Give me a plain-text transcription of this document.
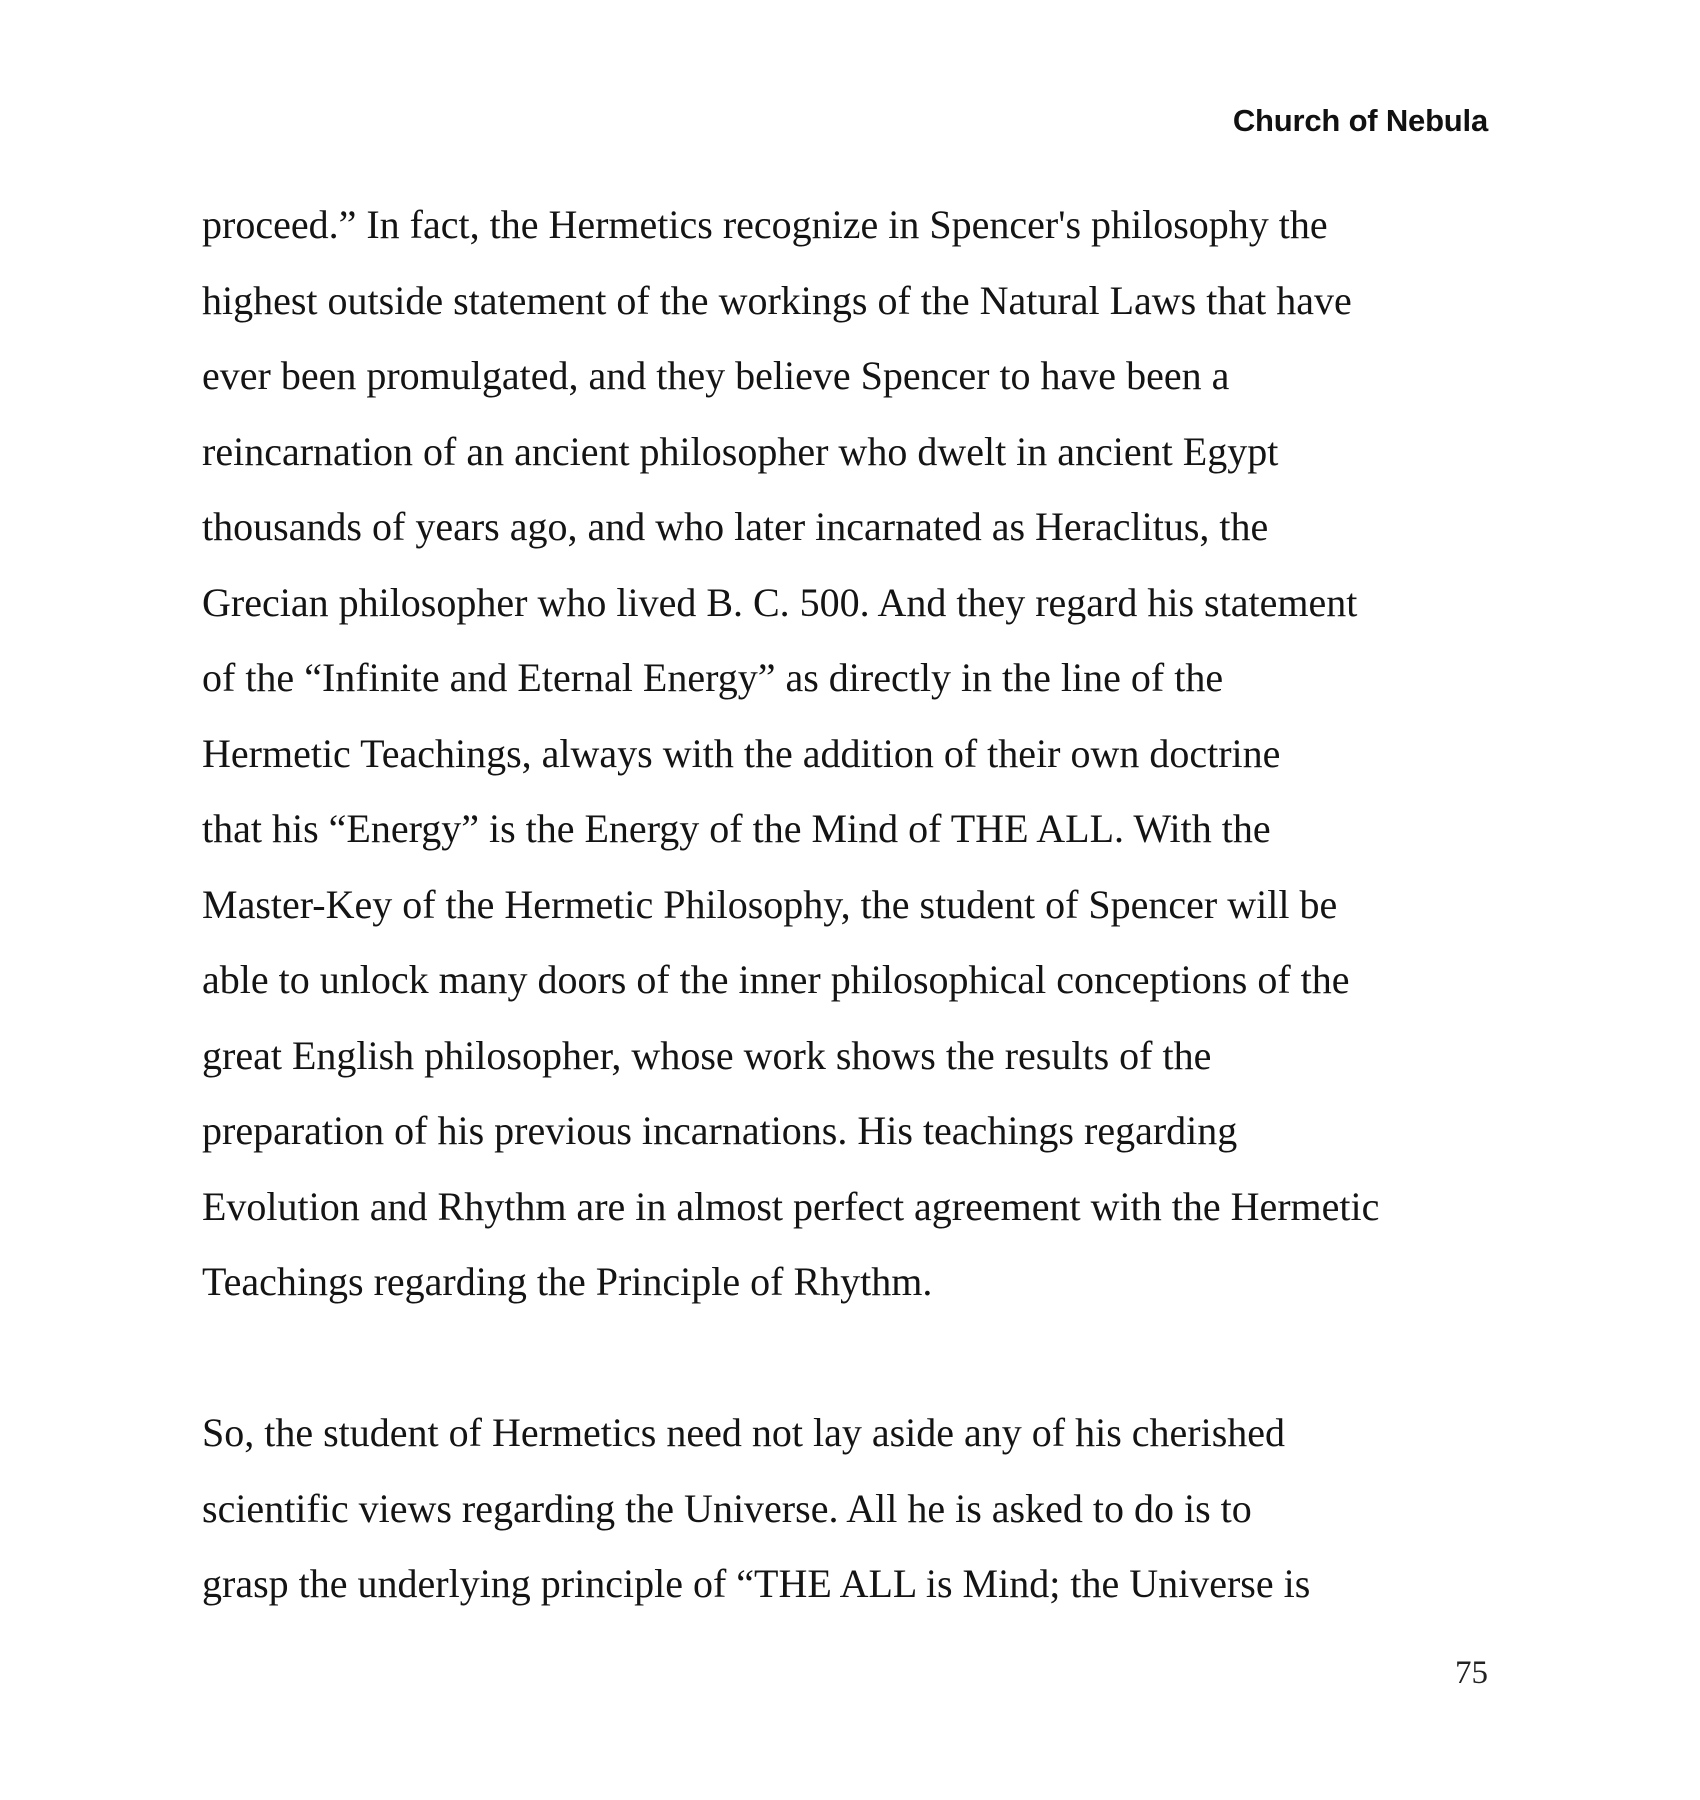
Church of Nebula
proceed.” In fact, the Hermetics recognize in Spencer's philosophy the
highest outside statement of the workings of the Natural Laws that have
ever been promulgated, and they believe Spencer to have been a
reincarnation of an ancient philosopher who dwelt in ancient Egypt
thousands of years ago, and who later incarnated as Heraclitus, the
Grecian philosopher who lived B. C. 500. And they regard his statement
of the “Infinite and Eternal Energy” as directly in the line of the
Hermetic Teachings, always with the addition of their own doctrine
that his “Energy” is the Energy of the Mind of THE ALL. With the
Master-Key of the Hermetic Philosophy, the student of Spencer will be
able to unlock many doors of the inner philosophical conceptions of the
great English philosopher, whose work shows the results of the
preparation of his previous incarnations. His teachings regarding
Evolution and Rhythm are in almost perfect agreement with the Hermetic
Teachings regarding the Principle of Rhythm.
So, the student of Hermetics need not lay aside any of his cherished
scientific views regarding the Universe. All he is asked to do is to
grasp the underlying principle of “THE ALL is Mind; the Universe is
75
